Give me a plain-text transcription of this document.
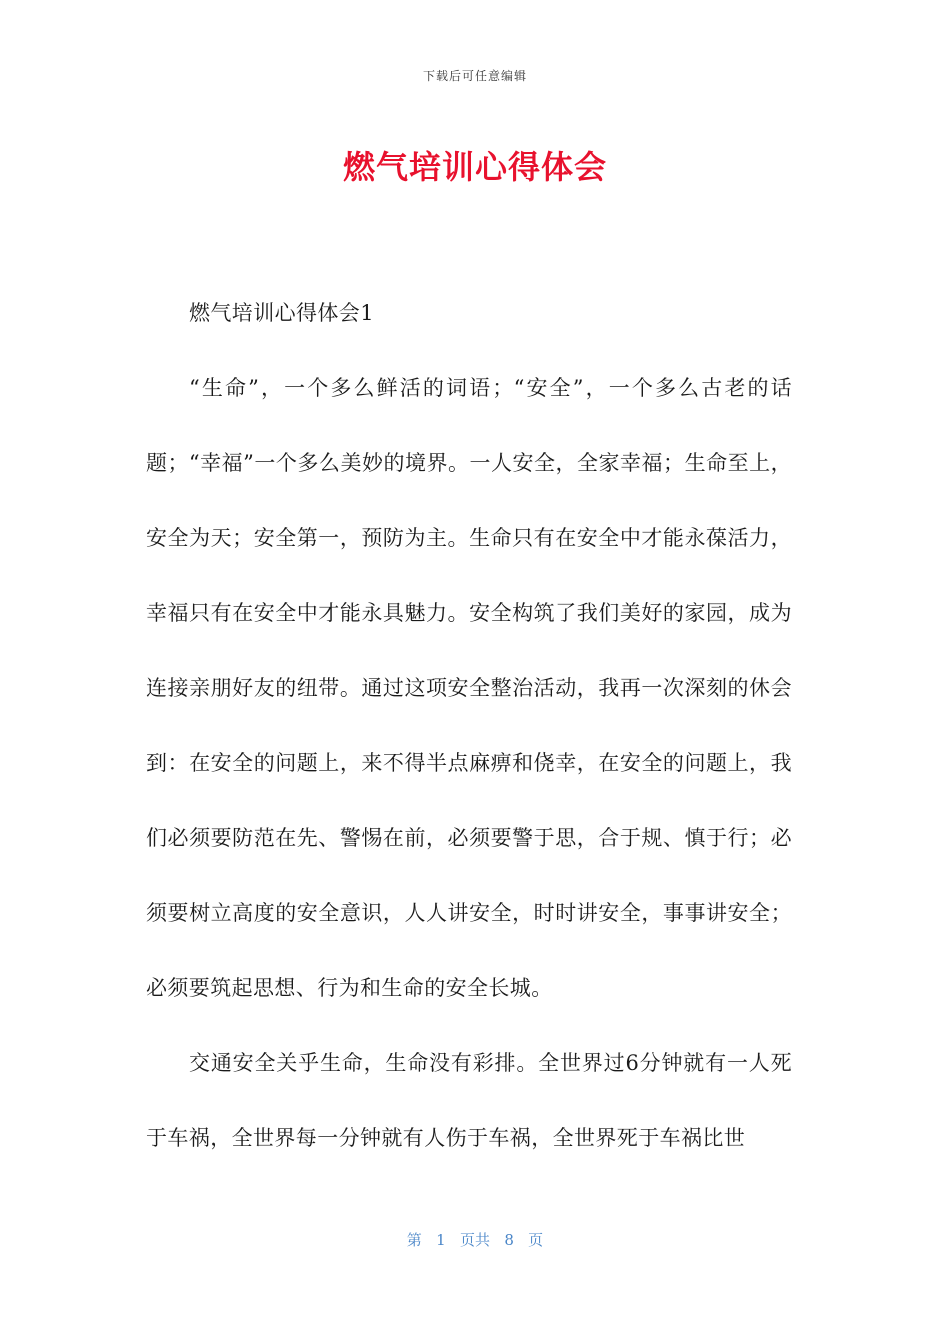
下载后可任意编辑
燃气培训心得体会

燃气培训心得体会1

“生命”，一个多么鲜活的词语；“安全”，一个多么古老的话题；“幸福”一个多么美妙的境界。一人安全，全家幸福；生命至上，安全为天；安全第一，预防为主。生命只有在安全中才能永葆活力，幸福只有在安全中才能永具魅力。安全构筑了我们美好的家园，成为连接亲朋好友的纽带。通过这项安全整治活动，我再一次深刻的休会到：在安全的问题上，来不得半点麻痹和侥幸，在安全的问题上，我们必须要防范在先、警惕在前，必须要警于思，合于规、慎于行；必须要树立高度的安全意识，人人讲安全，时时讲安全，事事讲安全；必须要筑起思想、行为和生命的安全长城。

交通安全关乎生命，生命没有彩排。全世界过6分钟就有一人死于车祸，全世界每一分钟就有人伤于车祸，全世界死于车祸比世

第 1 页共 8 页
